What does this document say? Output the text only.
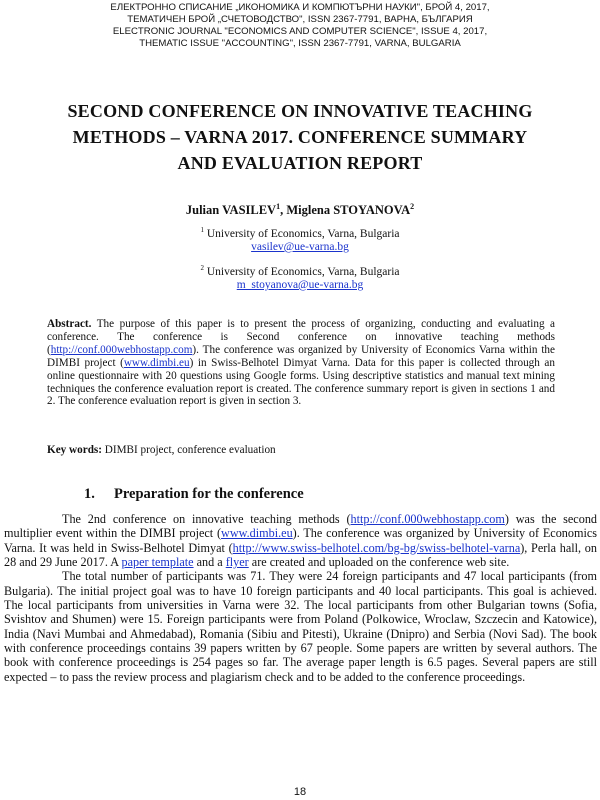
ЕЛЕКТРОННО СПИСАНИЕ „ИКОНОМИКА И КОМПЮТЪРНИ НАУКИ", БРОЙ 4, 2017,
ТЕМАТИЧЕН БРОЙ „СЧЕТОВОДСТВО", ISSN 2367-7791, ВАРНА, БЪЛГАРИЯ
ELECTRONIC JOURNAL "ECONOMICS AND COMPUTER SCIENCE", ISSUE 4, 2017,
THEMATIC ISSUE "ACCOUNTING", ISSN 2367-7791, VARNA, BULGARIA
SECOND CONFERENCE ON INNOVATIVE TEACHING
METHODS – VARNA 2017. CONFERENCE SUMMARY
AND EVALUATION REPORT
Julian VASILEV$^1$, Miglena STOYANOVA$^2$
$^1$ University of Economics, Varna, Bulgaria
vasilev@ue-varna.bg
$^2$ University of Economics, Varna, Bulgaria
m_stoyanova@ue-varna.bg
Abstract. The purpose of this paper is to present the process of organizing, conducting and evaluating a conference. The conference is Second conference on innovative teaching methods (http://conf.000webhostapp.com). The conference was organized by University of Economics Varna within the DIMBI project (www.dimbi.eu) in Swiss-Belhotel Dimyat Varna. Data for this paper is collected through an online questionnaire with 20 questions using Google forms. Using descriptive statistics and manual text mining techniques the conference evaluation report is created. The conference summary report is given in sections 1 and 2. The conference evaluation report is given in section 3.
Key words: DIMBI project, conference evaluation
1. Preparation for the conference

The 2nd conference on innovative teaching methods (http://conf.000webhostapp.com) was the second multiplier event within the DIMBI project (www.dimbi.eu). The conference was organized by University of Economics Varna. It was held in Swiss-Belhotel Dimyat (http://www.swiss-belhotel.com/bg-bg/swiss-belhotel-varna), Perla hall, on 28 and 29 June 2017. A paper template and a flyer are created and uploaded on the conference web site.

The total number of participants was 71. They were 24 foreign participants and 47 local participants (from Bulgaria). The initial project goal was to have 10 foreign participants and 40 local participants. This goal is achieved. The local participants from universities in Varna were 32. The local participants from other Bulgarian towns (Sofia, Svishtov and Shumen) were 15. Foreign participants were from Poland (Polkowice, Wroclaw, Szczecin and Katowice), India (Navi Mumbai and Ahmedabad), Romania (Sibiu and Pitesti), Ukraine (Dnipro) and Serbia (Novi Sad). The book with conference proceedings contains 39 papers written by 67 people. Some papers are written by several authors. The book with conference proceedings is 254 pages so far. The average paper length is 6.5 pages. Several papers are still expected – to pass the review process and plagiarism check and to be added to the conference proceedings.

18
